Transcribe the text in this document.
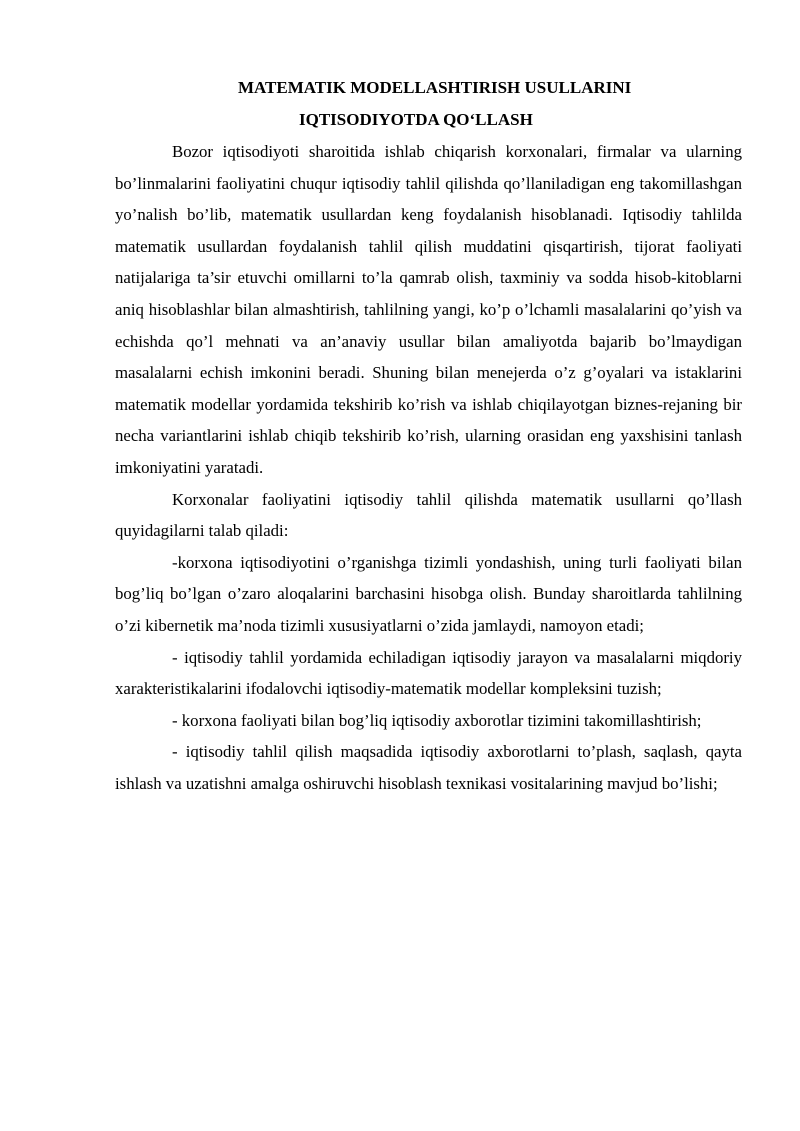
MATEMATIK MODELLASHTIRISH USULLARINI
IQTISODIYOTDA QO‘LLASH

Bozor iqtisodiyoti sharoitida ishlab chiqarish korxonalari, firmalar va ularning bo’linmalarini faoliyatini chuqur iqtisodiy tahlil qilishda qo’llaniladigan eng takomillashgan yo’nalish bo’lib, matematik usullardan keng foydalanish hisoblanadi. Iqtisodiy tahlilda matematik usullardan foydalanish tahlil qilish muddatini qisqartirish, tijorat faoliyati natijalariga ta’sir etuvchi omillarni to’la qamrab olish, taxminiy va sodda hisob-kitoblarni aniq hisoblashlar bilan almashtirish, tahlilning yangi, ko’p o’lchamli masalalarini qo’yish va echishda qo’l mehnati va an’anaviy usullar bilan amaliyotda bajarib bo’lmaydigan masalalarni echish imkonini beradi. Shuning bilan menejerda o’z g’oyalari va istaklarini matematik modellar yordamida tekshirib ko’rish va ishlab chiqilayotgan biznes-rejaning bir necha variantlarini ishlab chiqib tekshirib ko’rish, ularning orasidan eng yaxshisini tanlash imkoniyatini yaratadi.

Korxonalar faoliyatini iqtisodiy tahlil qilishda matematik usullarni qo’llash quyidagilarni talab qiladi:

-korxona iqtisodiyotini o’rganishga tizimli yondashish, uning turli faoliyati bilan bog’liq bo’lgan o’zaro aloqalarini barchasini hisobga olish. Bunday sharoitlarda tahlilning o’zi kibernetik ma’noda tizimli xususiyatlarni o’zida jamlaydi, namoyon etadi;

- iqtisodiy tahlil yordamida echiladigan iqtisodiy jarayon va masalalarni miqdoriy xarakteristikalarini ifodalovchi iqtisodiy-matematik modellar kompleksini tuzish;

- korxona faoliyati bilan bog’liq iqtisodiy axborotlar tizimini takomillashtirish;

- iqtisodiy tahlil qilish maqsadida iqtisodiy axborotlarni to’plash, saqlash, qayta ishlash va uzatishni amalga oshiruvchi hisoblash texnikasi vositalarining mavjud bo’lishi;
